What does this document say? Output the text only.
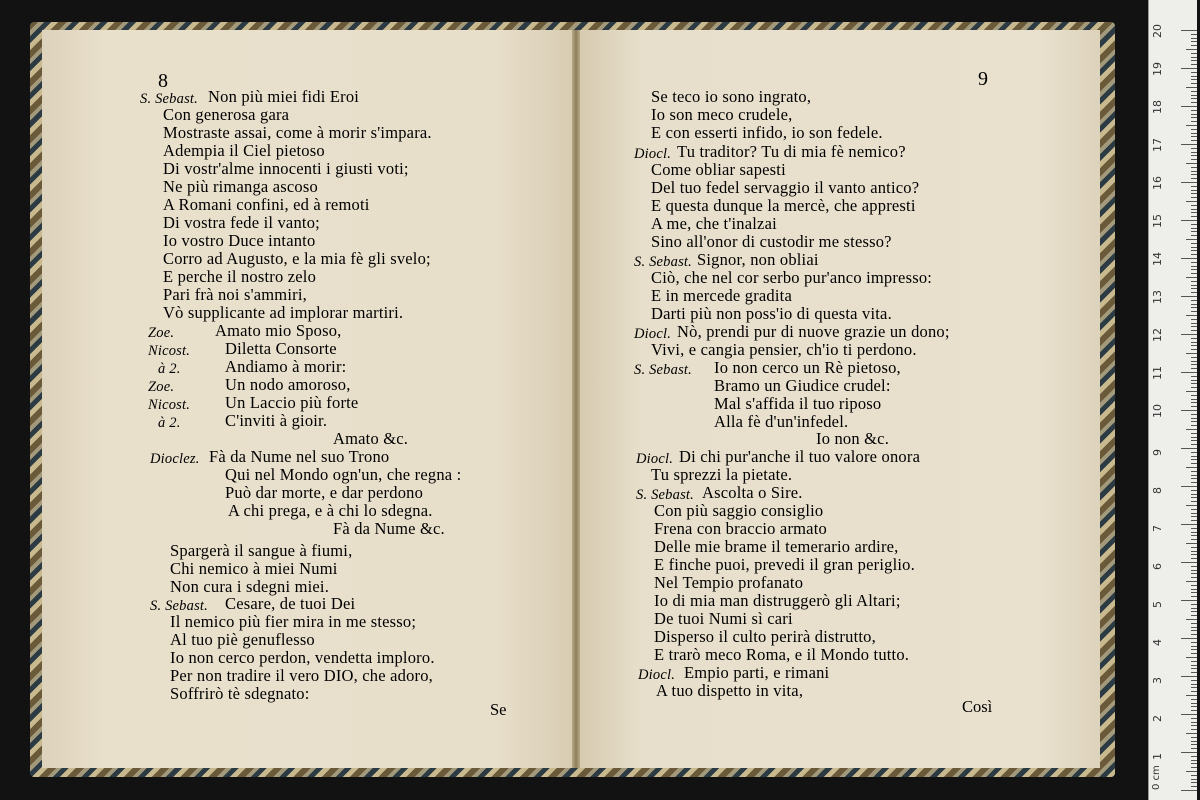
8
S. Sebast. Non più miei fidi Eroi
Con generosa gara
Mostraste assai, come à morir s'impara.
Adempia il Ciel pietoso
Di vostr'alme innocenti i giusti voti;
Ne più rimanga ascoso
A Romani confini, ed à remoti
Di vostra fede il vanto;
Io vostro Duce intanto
Corro ad Augusto, e la mia fè gli svelo;
E perche il nostro zelo
Pari frà noi s'ammiri,
Vò supplicante ad implorar martiri.
Zoe. Amato mio Sposo,
Nicost. Diletta Consorte
à 2.	Andiamo à morir:
Zoe.	Un nodo amoroso,
Nicost. Un Laccio più forte
à 2.	C'inviti à gioir.
Amato &c.
Dioclez. Fà da Nume nel suo Trono
Qui nel Mondo ogn'un, che regna :
Può dar morte, e dar perdono
A chi prega, e à chi lo sdegna.
Fà da Nume &c.
Spargerà il sangue à fiumi,
Chi nemico à miei Numi
Non cura i sdegni miei.
S. Sebast. Cesare, de tuoi Dei
Il nemico più fier mira in me stesso;
Al tuo piè genuflesso
Io non cerco perdon, vendetta imploro.
Per non tradire il vero DIO, che adoro,
Soffrirò tè sdegnato:
Se
9
Se teco io sono ingrato,
Io son meco crudele,
E con esserti infido, io son fedele.
Diocl. Tu traditor? Tu di mia fè nemico?
Come obliar sapesti
Del tuo fedel servaggio il vanto antico?
E questa dunque la mercè, che appresti
A me, che t'inalzai
Sino all'onor di custodir me stesso?
S. Sebast. Signor, non obliai
Ciò, che nel cor serbo pur'anco impresso:
E in mercede gradita
Darti più non poss'io di questa vita.
Diocl. Nò, prendi pur di nuove grazie un dono;
Vivi, e cangia pensier, ch'io ti perdono.
S. Sebast. Io non cerco un Rè pietoso,
Bramo un Giudice crudel:
Mal s'affida il tuo riposo
Alla fè d'un'infedel.
Io non &c.
Diocl. Di chi pur'anche il tuo valore onora
Tu sprezzi la pietate.
S. Sebast. Ascolta o Sire.
Con più saggio consiglio
Frena con braccio armato
Delle mie brame il temerario ardire,
E finche puoi, prevedi il gran periglio.
Nel Tempio profanato
Io di mia man distruggerò gli Altari;
De tuoi Numi sì cari
Disperso il culto perirà distrutto,
E trarò meco Roma, e il Mondo tutto.
Diocl. Empio parti, e rimani
A tuo dispetto in vita,
Così
0 cm
1
2
3
4
5
6
7
8
9
10
11
12
13
14
15
16
17
18
19
20
